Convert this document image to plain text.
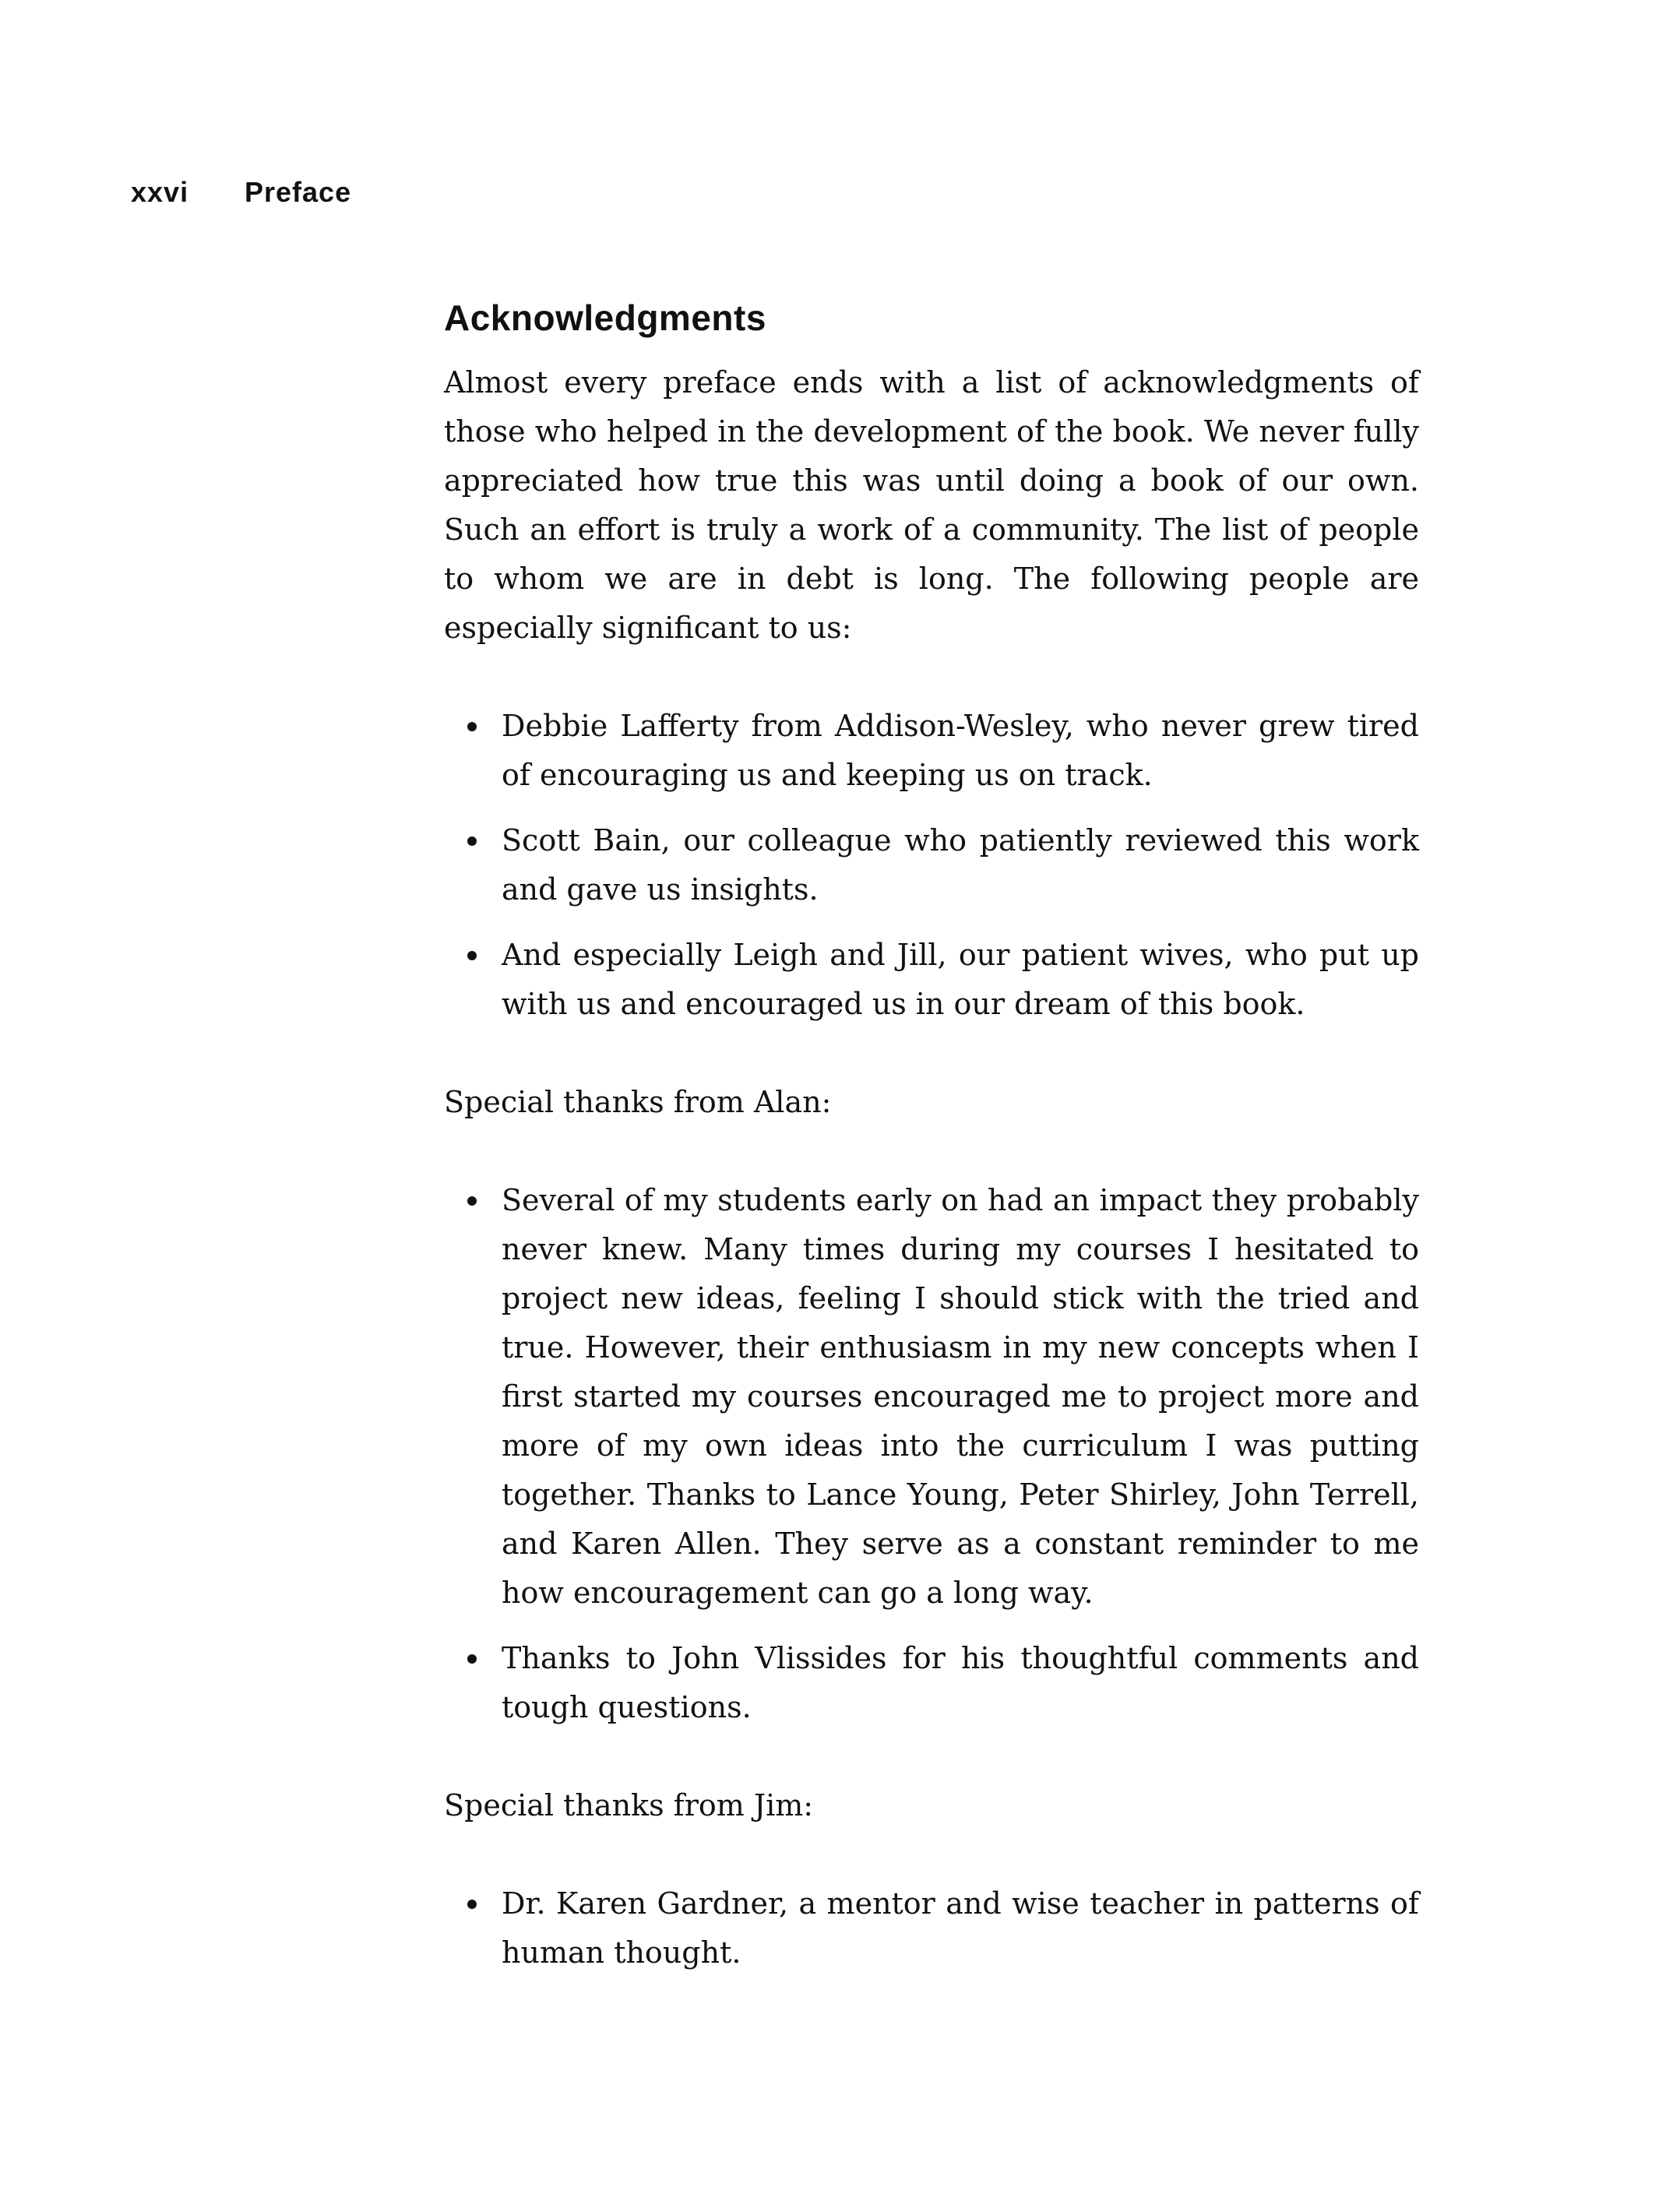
xxvi Preface
Acknowledgments

Almost every preface ends with a list of acknowledgments of those who helped in the development of the book. We never fully appreciated how true this was until doing a book of our own. Such an effort is truly a work of a community. The list of people to whom we are in debt is long. The following people are especially significant to us:

Debbie Lafferty from Addison-Wesley, who never grew tired of encouraging us and keeping us on track.
Scott Bain, our colleague who patiently reviewed this work and gave us insights.
And especially Leigh and Jill, our patient wives, who put up with us and encouraged us in our dream of this book.

Special thanks from Alan:

Several of my students early on had an impact they probably never knew. Many times during my courses I hesitated to project new ideas, feeling I should stick with the tried and true. However, their enthusiasm in my new concepts when I first started my courses encouraged me to project more and more of my own ideas into the curriculum I was putting together. Thanks to Lance Young, Peter Shirley, John Terrell, and Karen Allen. They serve as a constant reminder to me how encouragement can go a long way.
Thanks to John Vlissides for his thoughtful comments and tough questions.

Special thanks from Jim:

Dr. Karen Gardner, a mentor and wise teacher in patterns of human thought.
